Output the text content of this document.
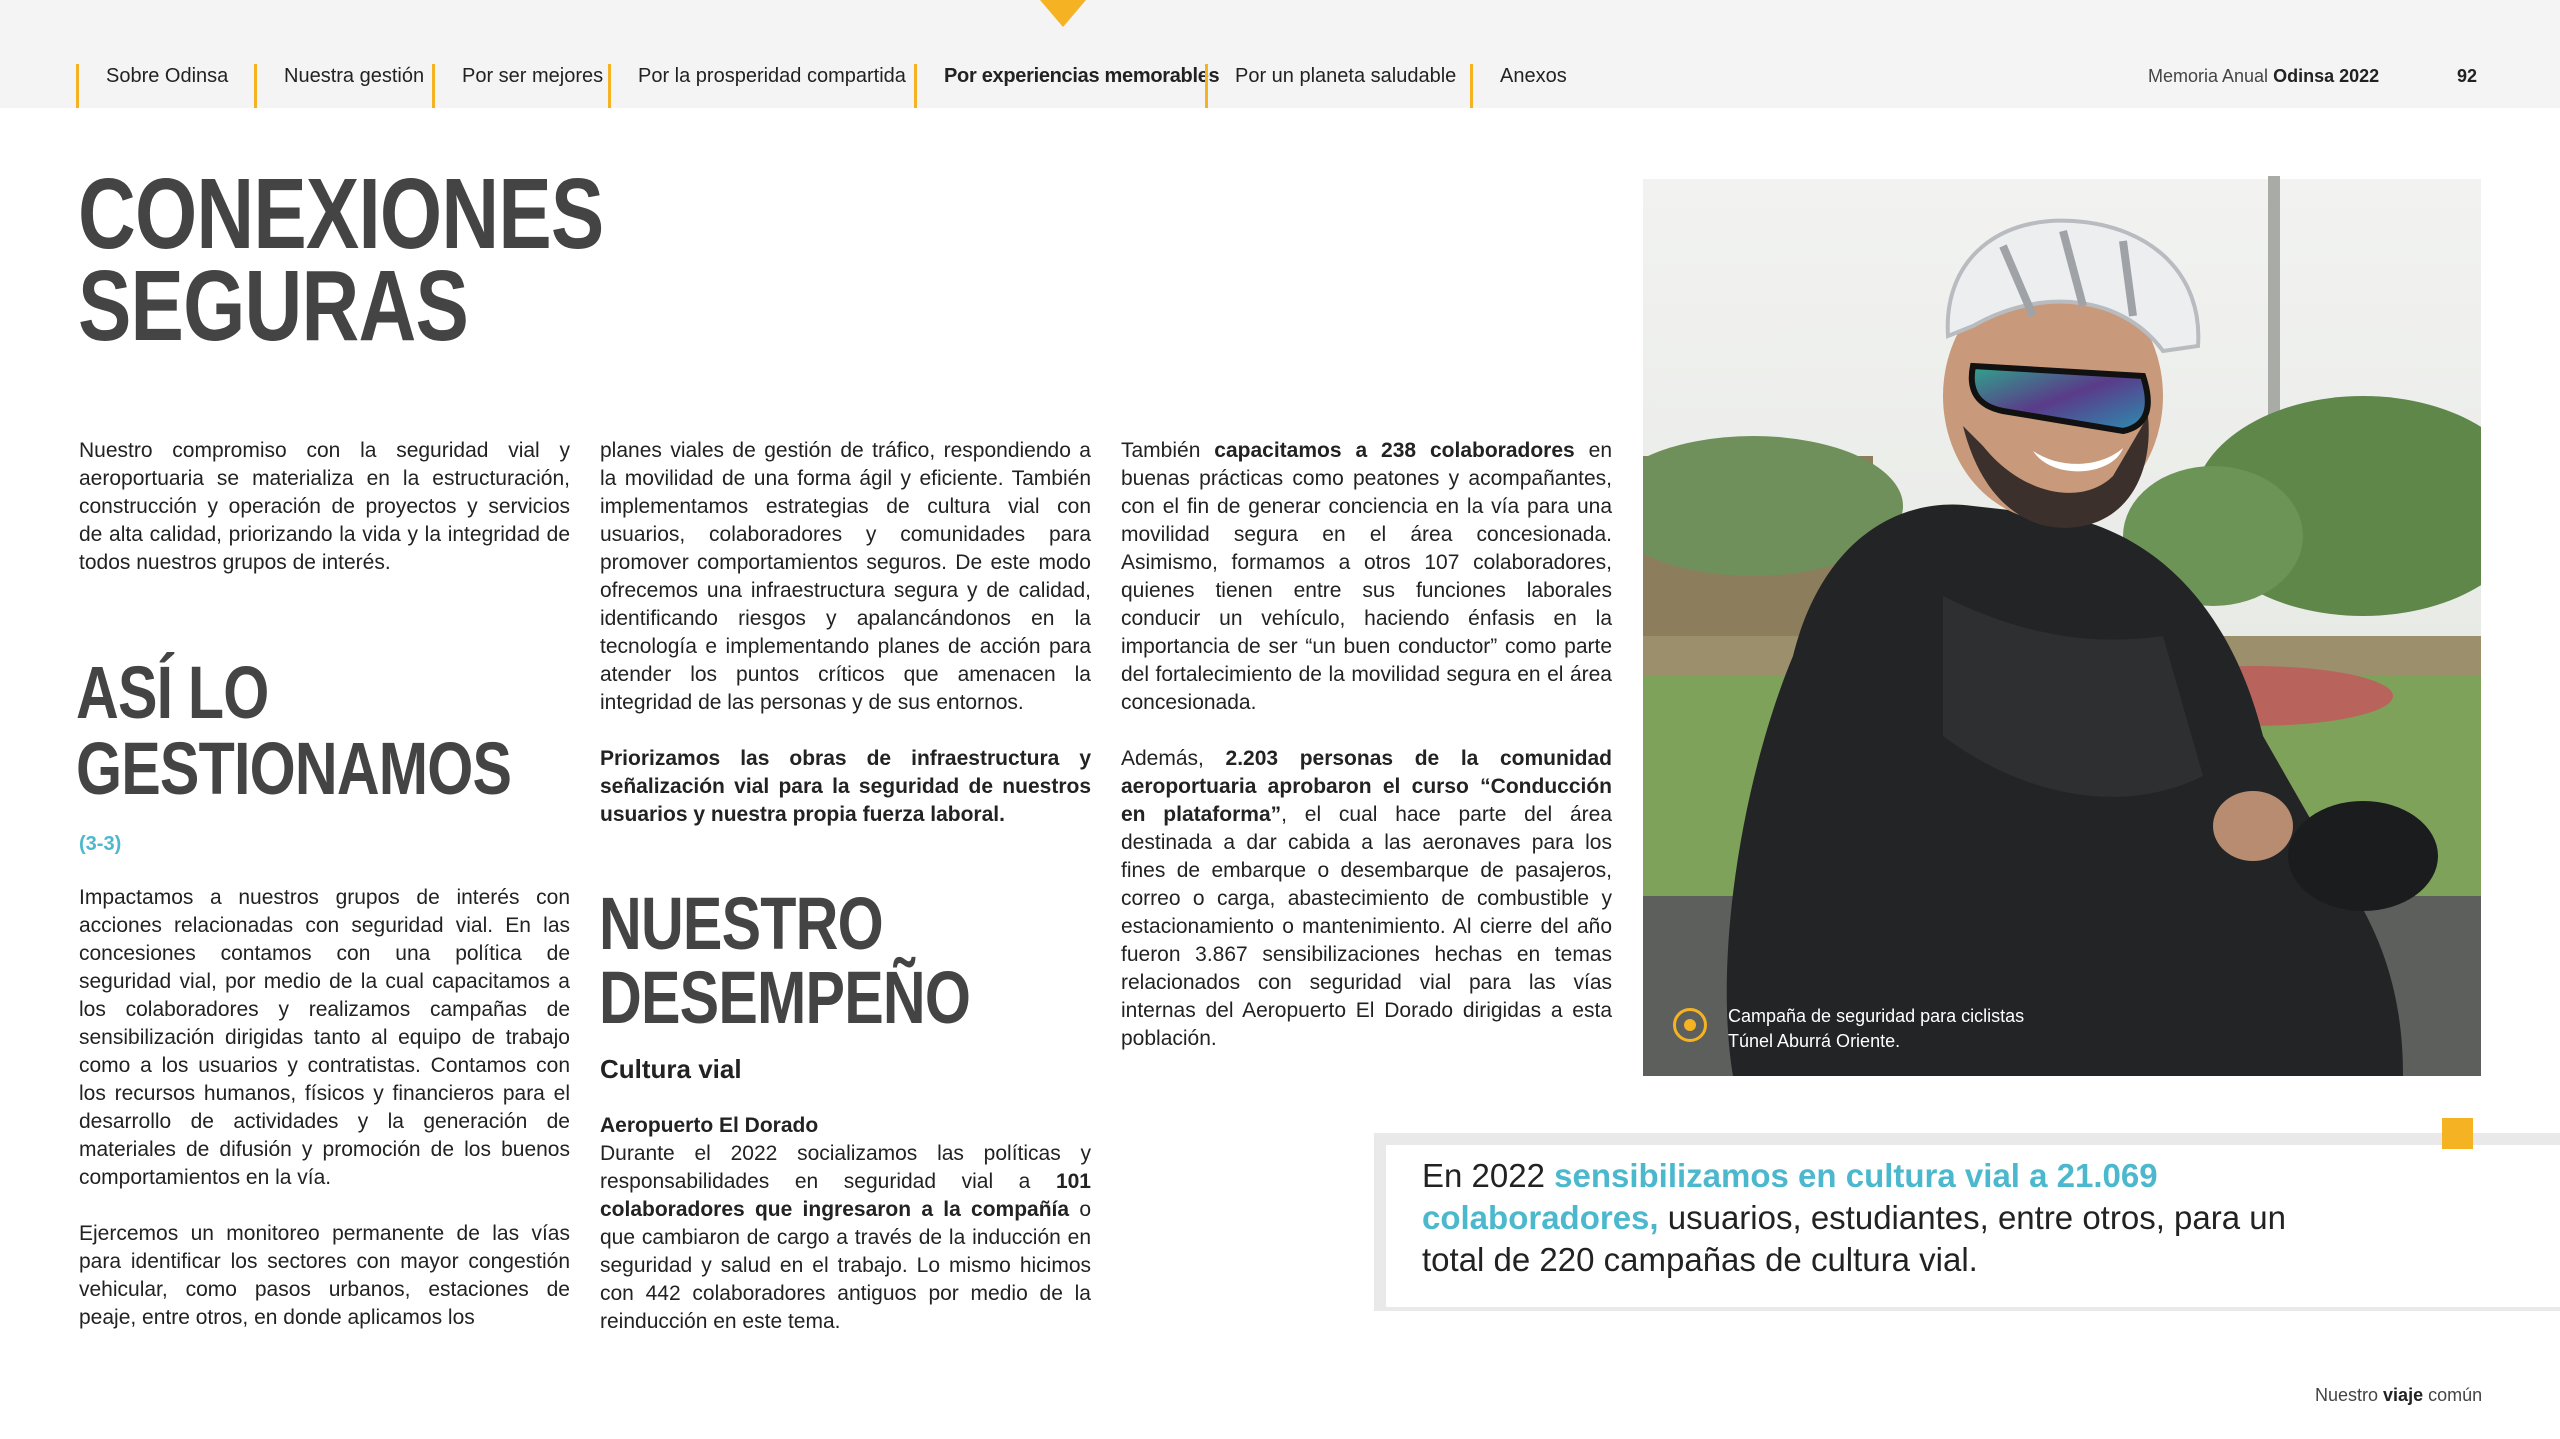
Sobre Odinsa	Nuestra gestión	Por ser mejores	Por la prosperidad compartida	Por experiencias memorables Por un planeta saludable	Anexos	Memoria Anual Odinsa 2022	92
CONEXIONES
SEGURAS
Nuestro compromiso con la seguridad vial y aeroportuaria se materializa en la estructuración, construcción y operación de proyectos y servicios de alta calidad, priorizando la vida y la integridad de todos nuestros grupos de interés.
ASÍ LO
GESTIONAMOS
(3-3)

Impactamos a nuestros grupos de interés con acciones relacionadas con seguridad vial. En las concesiones contamos con una política de seguridad vial, por medio de la cual capacitamos a los colaboradores y realizamos campañas de sensibilización dirigidas tanto al equipo de trabajo como a los usuarios y contratistas. Contamos con los recursos humanos, físicos y financieros para el desarrollo de actividades y la generación de materiales de difusión y promoción de los buenos comportamientos en la vía.

Ejercemos un monitoreo permanente de las vías para identificar los sectores con mayor congestión vehicular, como pasos urbanos, estaciones de peaje, entre otros, en donde aplicamos los

planes viales de gestión de tráfico, respondiendo a la movilidad de una forma ágil y eficiente. También implementamos estrategias de cultura vial con usuarios, colaboradores y comunidades para promover comportamientos seguros. De este modo ofrecemos una infraestructura segura y de calidad, identificando riesgos y apalancándonos en la tecnología e implementando planes de acción para atender los puntos críticos que amenacen la integridad de las personas y de sus entornos.

Priorizamos las obras de infraestructura y señalización vial para la seguridad de nuestros usuarios y nuestra propia fuerza laboral.

NUESTRO
DESEMPEÑO
Cultura vial
Aeropuerto El Dorado

Durante el 2022 socializamos las políticas y responsabilidades en seguridad vial a 101 colaboradores que ingresaron a la compañía o que cambiaron de cargo a través de la inducción en seguridad y salud en el trabajo. Lo mismo hicimos con 442 colaboradores antiguos por medio de la reinducción en este tema.

También capacitamos a 238 colaboradores en buenas prácticas como peatones y acompañantes, con el fin de generar conciencia en la vía para una movilidad segura en el área concesionada. Asimismo, formamos a otros 107 colaboradores, quienes tienen entre sus funciones laborales conducir un vehículo, haciendo énfasis en la importancia de ser “un buen conductor” como parte del fortalecimiento de la movilidad segura en el área concesionada.

Además, 2.203 personas de la comunidad aeroportuaria aprobaron el curso “Conducción en plataforma”, el cual hace parte del área destinada a dar cabida a las aeronaves para los fines de embarque o desembarque de pasajeros, correo o carga, abastecimiento de combustible y estacionamiento o mantenimiento. Al cierre del año fueron 3.867 sensibilizaciones hechas en temas relacionados con seguridad vial para las vías internas del Aeropuerto El Dorado dirigidas a esta población.

Campaña de seguridad para ciclistas
Túnel Aburrá Oriente.
En 2022 sensibilizamos en cultura vial a 21.069 colaboradores, usuarios, estudiantes, entre otros, para un total de 220 campañas de cultura vial.
Nuestro viaje común
